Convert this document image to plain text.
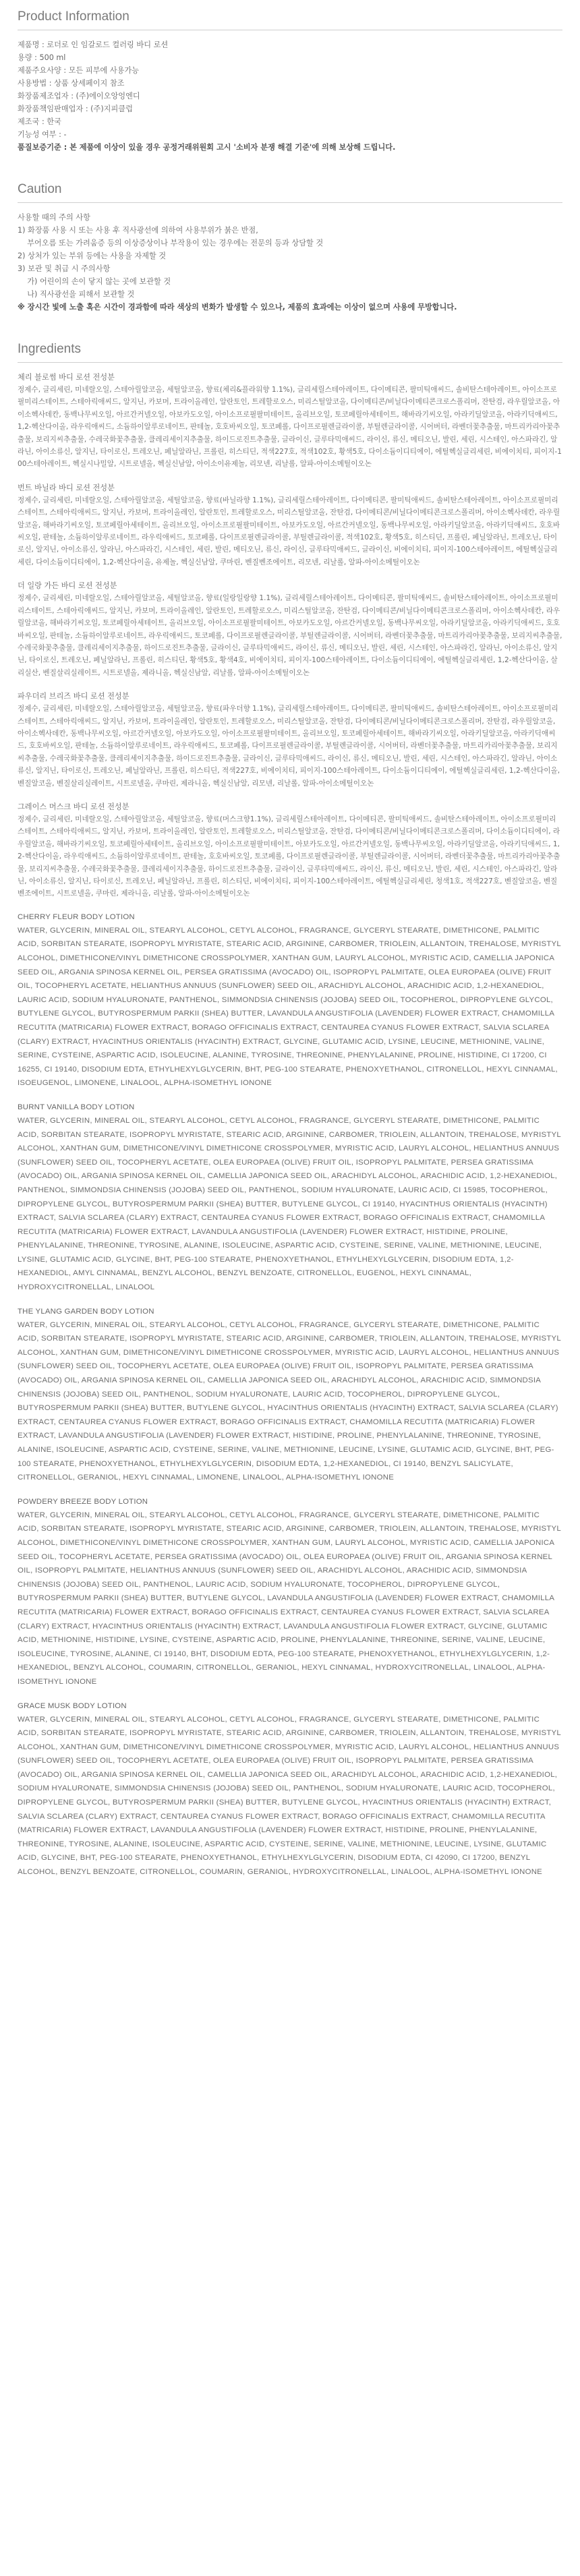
Product Information
제품명 : 로더로 인 임갈로드 컬러링 바디 로션
용량 : 500 ml
제품주요사양 : 모든 피부에 사용가능
사용방법 : 상품 상세페이지 참조
화장품제조업자 : (주)에이오앙엉엔디
화장품책임판매업자 : (주)지피클럽
제조국 : 한국
기능성 여부 : -
품질보증기준 : 본 제품에 이상이 있을 경우 공정거래위원회 고시 '소비자 분쟁 해결 기준'에 의해 보상해 드립니다.
Caution
사용할 때의 주의 사항
1) 화장품 사용 시 또는 사용 후 직사광선에 의하여 사용부위가 붉은 반점,
부어오름 또는 가려움증 등의 이상증상이나 부작용이 있는 경우에는 전문의 등과 상담할 것
2) 상처가 있는 부위 등에는 사용을 자제할 것
3) 보관 및 취급 시 주의사항
가) 어린이의 손이 닿지 않는 곳에 보관할 것
나) 직사광선을 피해서 보관할 것
※ 장시간 빛에 노출 혹은 시간이 경과함에 따라 색상의 변화가 발생할 수 있으나, 제품의 효과에는 이상이 없으며 사용에 무방합니다.
Ingredients
체리 블로썸 바디 로션 전성분
정제수, 글리세린, 미네랄오일, 스테아릴알코올, 세틸알코올, 향료(체리&플라워향 1.1%), 글리세릴스테아레이트, 다이메티콘, 팔미틱애씨드, 솔비탄스테아레이트, 아이소프로필미리스테이트, 스테아릭애씨드, 알지닌, 카보머, 트라이올레인, 알란토인, 트레할로오스, 미리스틸알코올, 다이메티콘/비닐다이메티콘크로스폴리머, 잔탄검, 라우릴알코올, 아이소헥사데칸, 동백나무씨오일, 아르간커넬오일, 아보카도오일, 아이소프로필팔미테이트, 올리브오일, 토코페릴아세테이트, 해바라기씨오일, 아라키딜알코올, 아라키딕애씨드, 1,2-헥산다이올, 라우릭애씨드, 소듐하이알루로네이트, 판테놀, 호호바씨오일, 토코페롤, 다이프로필렌글라이콜, 부틸렌글라이콜, 시어버터, 라벤더꽃추출물, 마트리카리아꽃추출물, 보리지씨추출물, 수레국화꽃추출물, 클레리세이지추출물, 하이드로진트추출물, 글라이신, 글루타믹애씨드, 라이신, 류신, 메티오닌, 발린, 세린, 시스테인, 아스파라긴, 알라닌, 아이소류신, 알지닌, 타이로신, 트레오닌, 페닐알라닌, 프롤린, 히스티딘, 적색227호, 적색102호, 황색5호, 다이소듐이디티에이, 에틸헥실글리세린, 비에이치티, 피이지-100스테아레이트, 헥실시나밀알, 시트로넬올, 헥실신남알, 아이소이유제놀, 리모넨, 리날롤, 알파-아이소메틸이오논
번트 바닐라 바디 로션 전성분
정제수, 글리세린, 미네랄오일, 스테아릴알코올, 세틸알코올, 향료(바닐라향 1.1%), 글리세릴스테아레이트, 다이메티콘, 팔미틱애씨드, 솔비탄스테아레이트, 아이소프로필미리스테이트, 스테아릭애씨드, 알지닌, 카보머, 트라이올레인, 알란토인, 트레할로오스, 미리스틸알코올, 잔탄검, 다이메티콘/비닐다이메티콘크로스폴리머, 아이소헥사데칸, 라우릴알코올, 해바라기씨오일, 토코페릴아세테이트, 올리브오일, 아이소프로필팔미테이트, 아보카도오일, 아르간커넬오일, 동백나무씨오일, 아라키딜알코올, 아라키딕애씨드, 호호바씨오일, 판테놀, 소듐하이알루로네이트, 라우릭애씨드, 토코페롤, 다이프로필렌글라이콜, 부틸렌글라이콜, 적색102호, 황색5호, 히스티딘, 프롤린, 페닐알라닌, 트레오닌, 타이로신, 알지닌, 아이소류신, 알라닌, 아스파라긴, 시스테인, 세린, 발린, 메티오닌, 류신, 라이신, 글루타믹애씨드, 글라이신, 비에이치티, 피이지-100스테아레이트, 에틸헥실글리세린, 다이소듐이디티에이, 1,2-헥산다이올, 유제놀, 헥실신남알, 쿠마린, 벤질벤조에이트, 리모넨, 리날롤, 알파-아이소메틸이오논
더 일랑 가든 바디 로션 전성분
정제수, 글리세린, 미네랄오일, 스테아릴알코올, 세틸알코올, 향료(일랑일랑향 1.1%), 글리세릴스테아레이트, 다이메티콘, 팔미틱애씨드, 솔비탄스테아레이트, 아이소프로필미리스테이트, 스테아릭애씨드, 알지닌, 카보머, 트라이올레인, 알란토인, 트레할로오스, 미리스틸알코올, 잔탄검, 다이메티콘/비닐다이메티콘크로스폴리머, 아이소헥사데칸, 라우릴알코올, 해바라기씨오일, 토코페릴아세테이트, 올리브오일, 아이소프로필팔미테이트, 아보카도오일, 아르간커넬오일, 동백나무씨오일, 아라키딜알코올, 아라키딕애씨드, 호호바씨오일, 판테놀, 소듐하이알루로네이트, 라우릭애씨드, 토코페롤, 다이프로필렌글라이콜, 부틸렌글라이콜, 시어버터, 라벤더꽃추출물, 마트리카리아꽃추출물, 보리지씨추출물, 수레국화꽃추출물, 클레리세이지추출물, 하이드로진트추출물, 글라이신, 글루타믹애씨드, 라이신, 류신, 메티오닌, 발린, 세린, 시스테인, 아스파라긴, 알라닌, 아이소류신, 알지닌, 타이로신, 트레오닌, 페닐알라닌, 프롤린, 히스티딘, 황색5호, 황색4호, 비에이치티, 피이지-100스테아레이트, 다이소듐이디티에이, 에틸헥실글리세린, 1,2-헥산다이올, 살리실산, 벤질살리실레이트, 시트로넬올, 제라니올, 헥실신남알, 리날롤, 알파-아이소메틸이오논
파우더리 브리즈 바디 로션 전성분
정제수, 글리세린, 미네랄오일, 스테아릴알코올, 세틸알코올, 향료(파우더향 1.1%), 글리세릴스테아레이트, 다이메티콘, 팔미틱애씨드, 솔비탄스테아레이트, 아이소프로필미리스테이트, 스테아릭애씨드, 알지닌, 카보머, 트라이올레인, 알란토인, 트레할로오스, 미리스틸알코올, 잔탄검, 다이메티콘/비닐다이메티콘크로스폴리머, 잔탄검, 라우릴알코올, 아이소헥사데칸, 동백나무씨오일, 아르간커넬오일, 아보카도오일, 아이소프로필팔미테이트, 올리브오일, 토코페릴아세테이트, 해바라기씨오일, 아라키딜알코올, 아라키딕애씨드, 호호바씨오일, 판테놀, 소듐하이알루로네이트, 라우릭애씨드, 토코페롤, 다이프로필렌글라이콜, 부틸렌글라이콜, 시어버터, 라벤더꽃추출물, 마트리카리아꽃추출물, 보리지씨추출물, 수레국화꽃추출물, 클레리세이지추출물, 하이드로진트추출물, 글라이신, 글루타믹애씨드, 라이신, 류신, 메티오닌, 발린, 세린, 시스테인, 아스파라긴, 알라닌, 아이소류신, 알지닌, 타이로신, 트레오닌, 페닐알라닌, 프롤린, 히스티딘, 적색227호, 비에이치티, 피이지-100스테아레이트, 다이소듐이디티에이, 에틸헥실글리세린, 1,2-헥산다이올, 벤질알코올, 벤질살리실레이트, 시트로넬올, 쿠마린, 제라니올, 헥실신남알, 리모넨, 리날롤, 알파-아이소메틸이오논
그레이스 머스크 바디 로션 전성분
정제수, 글리세린, 미네랄오일, 스테아릴알코올, 세틸알코올, 향료(머스크향1.1%), 글리세릴스테아레이트, 다이메티콘, 팔미틱애씨드, 솔비탄스테아레이트, 아이소프로필미리스테이트, 스테아릭애씨드, 알지닌, 카보머, 트라이올레인, 알란토인, 트레할로오스, 미리스틸알코올, 잔탄검, 다이메티콘/비닐다이메티콘크로스폴리머, 다이소듐이디티에이, 라우릴알코올, 해바라기씨오일, 토코페릴아세테이트, 올리브오일, 아이소프로필팔미테이트, 아보카도오일, 아르간커넬오일, 동백나무씨오일, 아라키딜알코올, 아라키딕애씨드, 1,2-헥산다이올, 라우릭애씨드, 소듐하이알루로네이트, 판테놀, 호호바씨오일, 토코페롤, 다이프로필렌글라이콜, 부틸렌글라이콜, 시어버터, 라벤더꽃추출물, 마트리카리아꽃추출물, 보리지씨추출물, 수레국화꽃추출물, 클레리세이지추출물, 하이드로진트추출물, 글라이신, 글루타믹애씨드, 라이신, 류신, 메티오닌, 발린, 세린, 시스테인, 아스파라긴, 알라닌, 아이소류신, 알지닌, 타이로신, 트레오닌, 페닐알라닌, 프롤린, 히스티딘, 비에이치티, 피이지-100스테아레이트, 에틸헥실글리세린, 청색1호, 적색227호, 벤질알코올, 벤질벤조에이트, 시트로넬올, 쿠마린, 제라니올, 리날롤, 알파-아이소메틸이오논
CHERRY FLEUR BODY LOTION
WATER, GLYCERIN, MINERAL OIL, STEARYL ALCOHOL, CETYL ALCOHOL, FRAGRANCE, GLYCERYL STEARATE, DIMETHICONE, PALMITIC ACID, SORBITAN STEARATE, ISOPROPYL MYRISTATE, STEARIC ACID, ARGININE, CARBOMER, TRIOLEIN, ALLANTOIN, TREHALOSE, MYRISTYL ALCOHOL, DIMETHICONE/VINYL DIMETHICONE CROSSPOLYMER, XANTHAN GUM, LAURYL ALCOHOL, MYRISTIC ACID, CAMELLIA JAPONICA SEED OIL, ARGANIA SPINOSA KERNEL OIL, PERSEA GRATISSIMA (AVOCADO) OIL, ISOPROPYL PALMITATE, OLEA EUROPAEA (OLIVE) FRUIT OIL, TOCOPHERYL ACETATE, HELIANTHUS ANNUUS (SUNFLOWER) SEED OIL, ARACHIDYL ALCOHOL, ARACHIDIC ACID, 1,2-HEXANEDIOL, LAURIC ACID, SODIUM HYALURONATE, PANTHENOL, SIMMONDSIA CHINENSIS (JOJOBA) SEED OIL, TOCOPHEROL, DIPROPYLENE GLYCOL, BUTYLENE GLYCOL, BUTYROSPERMUM PARKII (SHEA) BUTTER, LAVANDULA ANGUSTIFOLIA (LAVENDER) FLOWER EXTRACT, CHAMOMILLA RECUTITA (MATRICARIA) FLOWER EXTRACT, BORAGO OFFICINALIS EXTRACT, CENTAUREA CYANUS FLOWER EXTRACT, SALVIA SCLAREA (CLARY) EXTRACT, HYACINTHUS ORIENTALIS (HYACINTH) EXTRACT, GLYCINE, GLUTAMIC ACID, LYSINE, LEUCINE, METHIONINE, VALINE, SERINE, CYSTEINE, ASPARTIC ACID, ISOLEUCINE, ALANINE, TYROSINE, THREONINE, PHENYLALANINE, PROLINE, HISTIDINE, CI 17200, CI 16255, CI 19140, DISODIUM EDTA, ETHYLHEXYLGLYCERIN, BHT, PEG-100 STEARATE, PHENOXYETHANOL, CITRONELLOL, HEXYL CINNAMAL, ISOEUGENOL, LIMONENE, LINALOOL, ALPHA-ISOMETHYL IONONE
BURNT VANILLA BODY LOTION
WATER, GLYCERIN, MINERAL OIL, STEARYL ALCOHOL, CETYL ALCOHOL, FRAGRANCE, GLYCERYL STEARATE, DIMETHICONE, PALMITIC ACID, SORBITAN STEARATE, ISOPROPYL MYRISTATE, STEARIC ACID, ARGININE, CARBOMER, TRIOLEIN, ALLANTOIN, TREHALOSE, MYRISTYL ALCOHOL, XANTHAN GUM, DIMETHICONE/VINYL DIMETHICONE CROSSPOLYMER, MYRISTIC ACID, LAURYL ALCOHOL, HELIANTHUS ANNUUS (SUNFLOWER) SEED OIL, TOCOPHERYL ACETATE, OLEA EUROPAEA (OLIVE) FRUIT OIL, ISOPROPYL PALMITATE, PERSEA GRATISSIMA (AVOCADO) OIL, ARGANIA SPINOSA KERNEL OIL, CAMELLIA JAPONICA SEED OIL, ARACHIDYL ALCOHOL, ARACHIDIC ACID, 1,2-HEXANEDIOL, PANTHENOL, SIMMONDSIA CHINENSIS (JOJOBA) SEED OIL, PANTHENOL, SODIUM HYALURONATE, LAURIC ACID, CI 15985, TOCOPHEROL, DIPROPYLENE GLYCOL, BUTYROSPERMUM PARKII (SHEA) BUTTER, BUTYLENE GLYCOL, CI 19140, HYACINTHUS ORIENTALIS (HYACINTH) EXTRACT, SALVIA SCLAREA (CLARY) EXTRACT, CENTAUREA CYANUS FLOWER EXTRACT, BORAGO OFFICINALIS EXTRACT, CHAMOMILLA RECUTITA (MATRICARIA) FLOWER EXTRACT, LAVANDULA ANGUSTIFOLIA (LAVENDER) FLOWER EXTRACT, HISTIDINE, PROLINE, PHENYLALANINE, THREONINE, TYROSINE, ALANINE, ISOLEUCINE, ASPARTIC ACID, CYSTEINE, SERINE, VALINE, METHIONINE, LEUCINE, LYSINE, GLUTAMIC ACID, GLYCINE, BHT, PEG-100 STEARATE, PHENOXYETHANOL, ETHYLHEXYLGLYCERIN, DISODIUM EDTA, 1,2-HEXANEDIOL, AMYL CINNAMAL, BENZYL ALCOHOL, BENZYL BENZOATE, CITRONELLOL, EUGENOL, HEXYL CINNAMAL, HYDROXYCITRONELLAL, LINALOOL
THE YLANG GARDEN BODY LOTION
WATER, GLYCERIN, MINERAL OIL, STEARYL ALCOHOL, CETYL ALCOHOL, FRAGRANCE, GLYCERYL STEARATE, DIMETHICONE, PALMITIC ACID, SORBITAN STEARATE, ISOPROPYL MYRISTATE, STEARIC ACID, ARGININE, CARBOMER, TRIOLEIN, ALLANTOIN, TREHALOSE, MYRISTYL ALCOHOL, XANTHAN GUM, DIMETHICONE/VINYL DIMETHICONE CROSSPOLYMER, MYRISTIC ACID, LAURYL ALCOHOL, HELIANTHUS ANNUUS (SUNFLOWER) SEED OIL, TOCOPHERYL ACETATE, OLEA EUROPAEA (OLIVE) FRUIT OIL, ISOPROPYL PALMITATE, PERSEA GRATISSIMA (AVOCADO) OIL, ARGANIA SPINOSA KERNEL OIL, CAMELLIA JAPONICA SEED OIL, ARACHIDYL ALCOHOL, ARACHIDIC ACID, SIMMONDSIA CHINENSIS (JOJOBA) SEED OIL, PANTHENOL, SODIUM HYALURONATE, LAURIC ACID, TOCOPHEROL, DIPROPYLENE GLYCOL, BUTYROSPERMUM PARKII (SHEA) BUTTER, BUTYLENE GLYCOL, HYACINTHUS ORIENTALIS (HYACINTH) EXTRACT, SALVIA SCLAREA (CLARY) EXTRACT, CENTAUREA CYANUS FLOWER EXTRACT, BORAGO OFFICINALIS EXTRACT, CHAMOMILLA RECUTITA (MATRICARIA) FLOWER EXTRACT, LAVANDULA ANGUSTIFOLIA (LAVENDER) FLOWER EXTRACT, HISTIDINE, PROLINE, PHENYLALANINE, THREONINE, TYROSINE, ALANINE, ISOLEUCINE, ASPARTIC ACID, CYSTEINE, SERINE, VALINE, METHIONINE, LEUCINE, LYSINE, GLUTAMIC ACID, GLYCINE, BHT, PEG-100 STEARATE, PHENOXYETHANOL, ETHYLHEXYLGLYCERIN, DISODIUM EDTA, 1,2-HEXANEDIOL, CI 19140, BENZYL SALICYLATE, CITRONELLOL, GERANIOL, HEXYL CINNAMAL, LIMONENE, LINALOOL, ALPHA-ISOMETHYL IONONE
POWDERY BREEZE BODY LOTION
WATER, GLYCERIN, MINERAL OIL, STEARYL ALCOHOL, CETYL ALCOHOL, FRAGRANCE, GLYCERYL STEARATE, DIMETHICONE, PALMITIC ACID, SORBITAN STEARATE, ISOPROPYL MYRISTATE, STEARIC ACID, ARGININE, CARBOMER, TRIOLEIN, ALLANTOIN, TREHALOSE, MYRISTYL ALCOHOL, DIMETHICONE/VINYL DIMETHICONE CROSSPOLYMER, XANTHAN GUM, LAURYL ALCOHOL, MYRISTIC ACID, CAMELLIA JAPONICA SEED OIL, TOCOPHERYL ACETATE, PERSEA GRATISSIMA (AVOCADO) OIL, OLEA EUROPAEA (OLIVE) FRUIT OIL, ARGANIA SPINOSA KERNEL OIL, ISOPROPYL PALMITATE, HELIANTHUS ANNUUS (SUNFLOWER) SEED OIL, ARACHIDYL ALCOHOL, ARACHIDIC ACID, SIMMONDSIA CHINENSIS (JOJOBA) SEED OIL, PANTHENOL, LAURIC ACID, SODIUM HYALURONATE, TOCOPHEROL, DIPROPYLENE GLYCOL, BUTYROSPERMUM PARKII (SHEA) BUTTER, BUTYLENE GLYCOL, LAVANDULA ANGUSTIFOLIA (LAVENDER) FLOWER EXTRACT, CHAMOMILLA RECUTITA (MATRICARIA) FLOWER EXTRACT, BORAGO OFFICINALIS EXTRACT, CENTAUREA CYANUS FLOWER EXTRACT, SALVIA SCLAREA (CLARY) EXTRACT, HYACINTHUS ORIENTALIS (HYACINTH) EXTRACT, LAVANDULA ANGUSTIFOLIA FLOWER EXTRACT, GLYCINE, GLUTAMIC ACID, METHIONINE, HISTIDINE, LYSINE, CYSTEINE, ASPARTIC ACID, PROLINE, PHENYLALANINE, THREONINE, SERINE, VALINE, LEUCINE, ISOLEUCINE, TYROSINE, ALANINE, CI 19140, BHT, DISODIUM EDTA, PEG-100 STEARATE, PHENOXYETHANOL, ETHYLHEXYLGLYCERIN, 1,2-HEXANEDIOL, BENZYL ALCOHOL, COUMARIN, CITRONELLOL, GERANIOL, HEXYL CINNAMAL, HYDROXYCITRONELLAL, LINALOOL, ALPHA-ISOMETHYL IONONE
GRACE MUSK BODY LOTION
WATER, GLYCERIN, MINERAL OIL, STEARYL ALCOHOL, CETYL ALCOHOL, FRAGRANCE, GLYCERYL STEARATE, DIMETHICONE, PALMITIC ACID, SORBITAN STEARATE, ISOPROPYL MYRISTATE, STEARIC ACID, ARGININE, CARBOMER, TRIOLEIN, ALLANTOIN, TREHALOSE, MYRISTYL ALCOHOL, XANTHAN GUM, DIMETHICONE/VINYL DIMETHICONE CROSSPOLYMER, MYRISTIC ACID, LAURYL ALCOHOL, HELIANTHUS ANNUUS (SUNFLOWER) SEED OIL, TOCOPHERYL ACETATE, OLEA EUROPAEA (OLIVE) FRUIT OIL, ISOPROPYL PALMITATE, PERSEA GRATISSIMA (AVOCADO) OIL, ARGANIA SPINOSA KERNEL OIL, CAMELLIA JAPONICA SEED OIL, ARACHIDYL ALCOHOL, ARACHIDIC ACID, 1,2-HEXANEDIOL, SODIUM HYALURONATE, SIMMONDSIA CHINENSIS (JOJOBA) SEED OIL, PANTHENOL, SODIUM HYALURONATE, LAURIC ACID, TOCOPHEROL, DIPROPYLENE GLYCOL, BUTYROSPERMUM PARKII (SHEA) BUTTER, BUTYLENE GLYCOL, HYACINTHUS ORIENTALIS (HYACINTH) EXTRACT, SALVIA SCLAREA (CLARY) EXTRACT, CENTAUREA CYANUS FLOWER EXTRACT, BORAGO OFFICINALIS EXTRACT, CHAMOMILLA RECUTITA (MATRICARIA) FLOWER EXTRACT, LAVANDULA ANGUSTIFOLIA (LAVENDER) FLOWER EXTRACT, HISTIDINE, PROLINE, PHENYLALANINE, THREONINE, TYROSINE, ALANINE, ISOLEUCINE, ASPARTIC ACID, CYSTEINE, SERINE, VALINE, METHIONINE, LEUCINE, LYSINE, GLUTAMIC ACID, GLYCINE, BHT, PEG-100 STEARATE, PHENOXYETHANOL, ETHYLHEXYLGLYCERIN, DISODIUM EDTA, CI 42090, CI 17200, BENZYL ALCOHOL, BENZYL BENZOATE, CITRONELLOL, COUMARIN, GERANIOL, HYDROXYCITRONELLAL, LINALOOL, ALPHA-ISOMETHYL IONONE
